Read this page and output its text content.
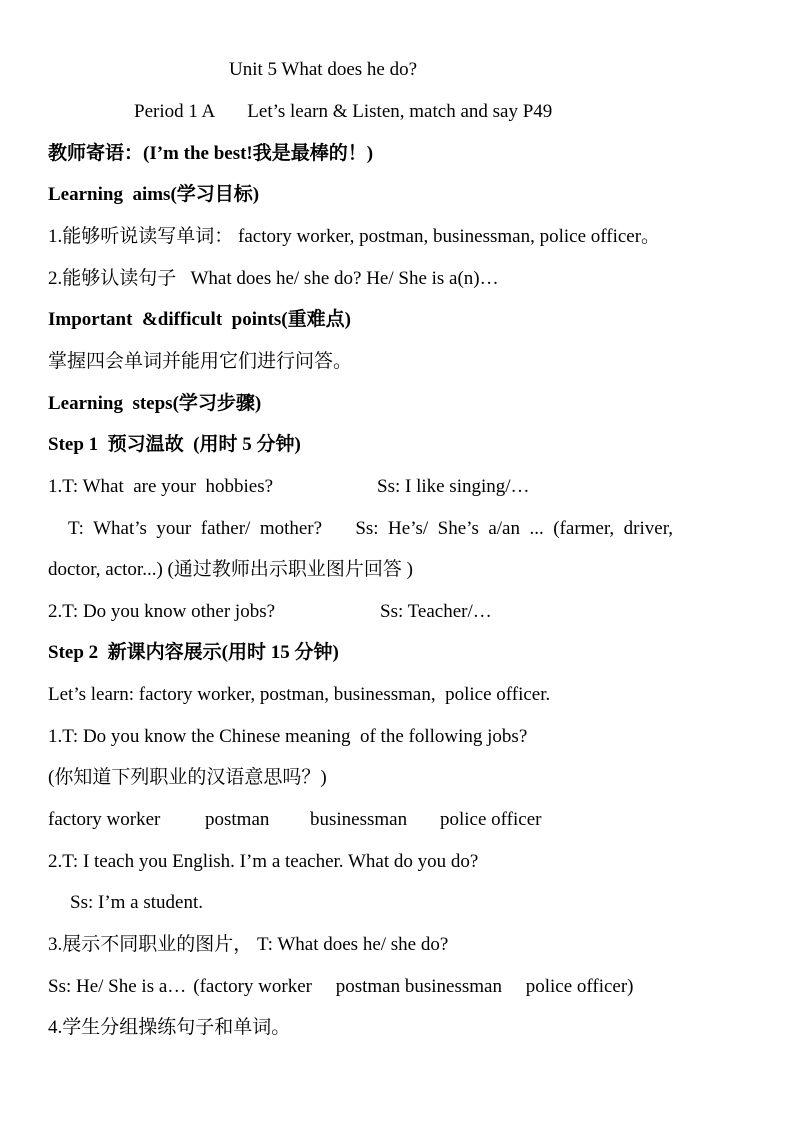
Unit 5 What does he do?
Period 1 A Let’s learn & Listen, match and say P49
教师寄语：(I’m the best!我是最棒的！)
Learning  aims(学习目标)
1.能够听说读写单词： factory worker, postman, businessman, police officer。
2.能够认读句子   What does he/ she do? He/ She is a(n)…
Important  &difficult  points(重难点)
掌握四会单词并能用它们进行问答。
Learning  steps(学习步骤)
Step 1  预习温故  (用时 5 分钟)
1.T: What  are your  hobbies?	Ss: I like singing/…
T:  What’s  your  father/  mother?       Ss:  He’s/  She’s  a/an  ...  (farmer,  driver,
doctor, actor...) (通过教师出示职业图片回答 )
2.T: Do you know other jobs?	Ss: Teacher/…
Step 2  新课内容展示(用时 15 分钟)
Let’s learn: factory worker, postman, businessman,  police officer.
1.T: Do you know the Chinese meaning  of the following jobs?
(你知道下列职业的汉语意思吗？)
factory worker postman businessman police officer
2.T: I teach you English. I’m a teacher. What do you do?
Ss: I’m a student.
3.展示不同职业的图片， T: What does he/ she do?
Ss: He/ She is a… (factory worker     postman businessman     police officer)
4.学生分组操练句子和单词。
